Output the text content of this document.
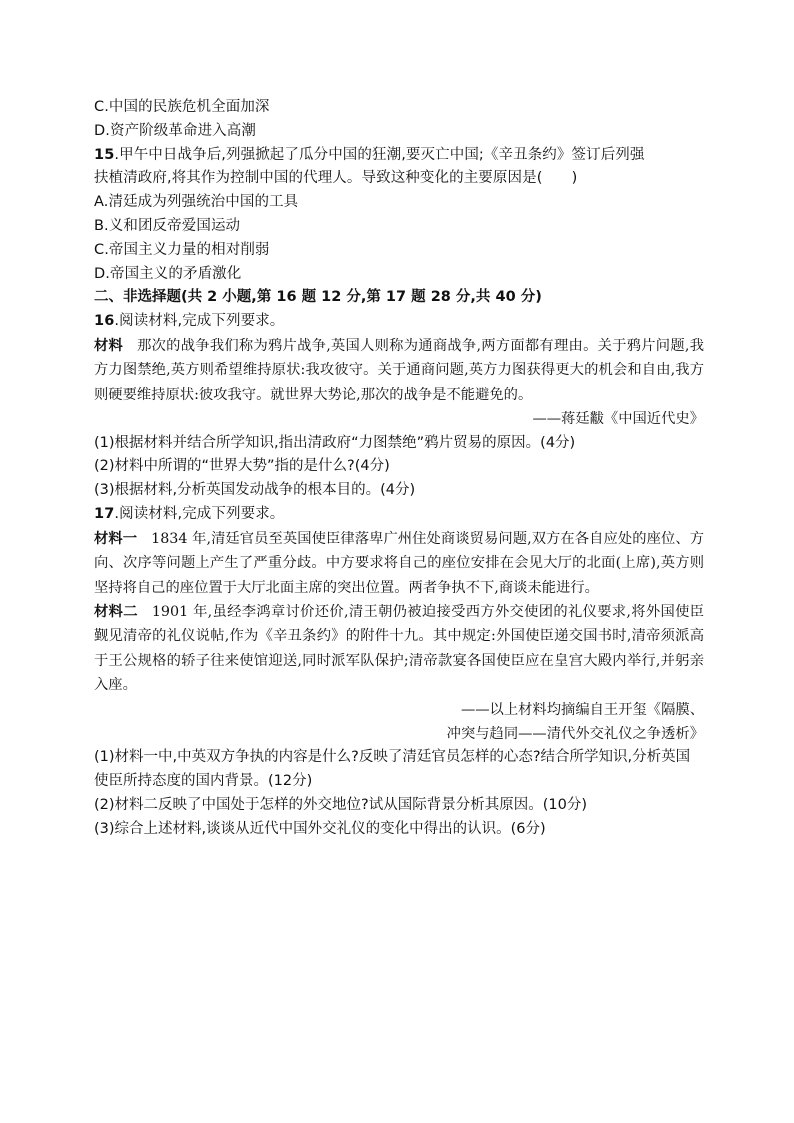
C.中国的民族危机全面加深
D.资产阶级革命进入高潮
15.甲午中日战争后,列强掀起了瓜分中国的狂潮,要灭亡中国;《辛丑条约》签订后列强
扶植清政府,将其作为控制中国的代理人。导致这种变化的主要原因是(　　)
A.清廷成为列强统治中国的工具
B.义和团反帝爱国运动
C.帝国主义力量的相对削弱
D.帝国主义的矛盾激化
二、非选择题(共 2 小题,第 16 题 12 分,第 17 题 28 分,共 40 分)
16.阅读材料,完成下列要求。
材料 那次的战争我们称为鸦片战争,英国人则称为通商战争,两方面都有理由。关于鸦片问题,我方力图禁绝,英方则希望维持原状:我攻彼守。关于通商问题,英方力图获得更大的机会和自由,我方则硬要维持原状:彼攻我守。就世界大势论,那次的战争是不能避免的。
——蒋廷黻《中国近代史》
(1)根据材料并结合所学知识,指出清政府“力图禁绝”鸦片贸易的原因。(4分)
(2)材料中所谓的“世界大势”指的是什么?(4分)
(3)根据材料,分析英国发动战争的根本目的。(4分)
17.阅读材料,完成下列要求。
材料一 1834 年,清廷官员至英国使臣律落卑广州住处商谈贸易问题,双方在各自应处的座位、方向、次序等问题上产生了严重分歧。中方要求将自己的座位安排在会见大厅的北面(上席),英方则坚持将自己的座位置于大厅北面主席的突出位置。两者争执不下,商谈未能进行。
材料二 1901 年,虽经李鸿章讨价还价,清王朝仍被迫接受西方外交使团的礼仪要求,将外国使臣觐见清帝的礼仪说帖,作为《辛丑条约》的附件十九。其中规定:外国使臣递交国书时,清帝须派高于王公规格的轿子往来使馆迎送,同时派军队保护;清帝款宴各国使臣应在皇宫大殿内举行,并躬亲入座。
——以上材料均摘编自王开玺《隔膜、
冲突与趋同——清代外交礼仪之争透析》
(1)材料一中,中英双方争执的内容是什么?反映了清廷官员怎样的心态?结合所学知识,分析英国使臣所持态度的国内背景。(12分)
(2)材料二反映了中国处于怎样的外交地位?试从国际背景分析其原因。(10分)
(3)综合上述材料,谈谈从近代中国外交礼仪的变化中得出的认识。(6分)
